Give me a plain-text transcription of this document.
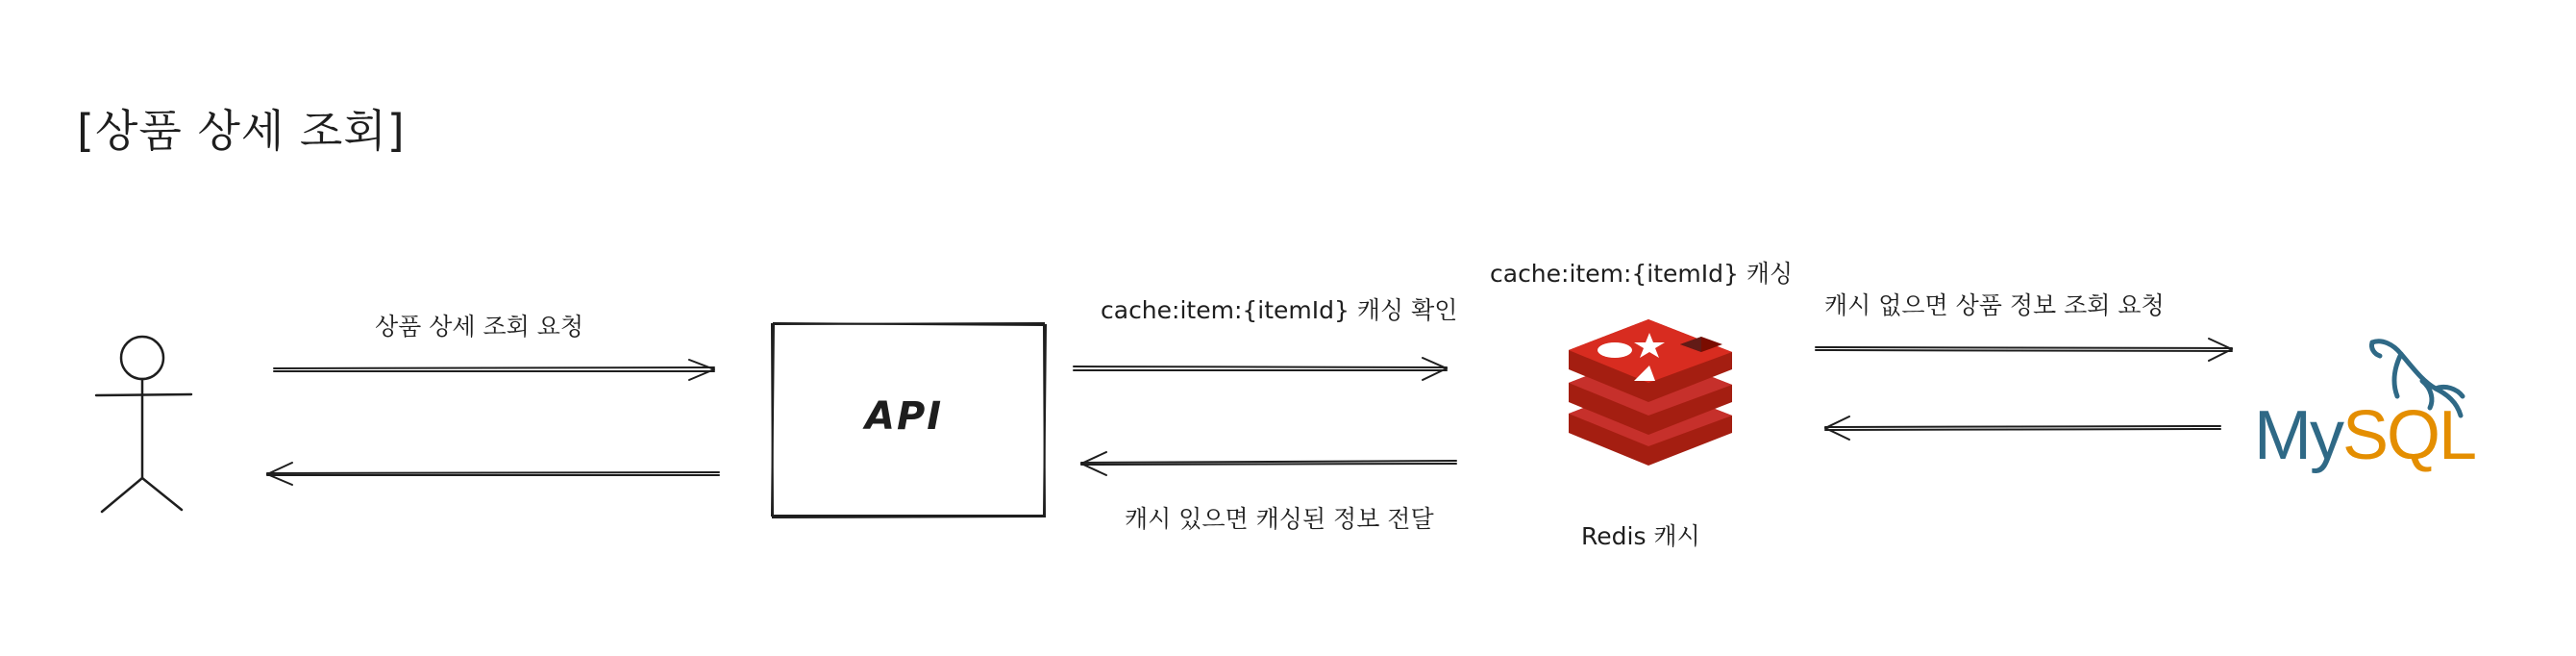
[상품 상세 조회]
API
상품 상세 조회 요청
cache:item:{itemId} 캐싱 확인
캐시 있으면 캐싱된 정보 전달
cache:item:{itemId} 캐싱
캐시 없으면 상품 정보 조회 요청
Redis 캐시
MySQL
